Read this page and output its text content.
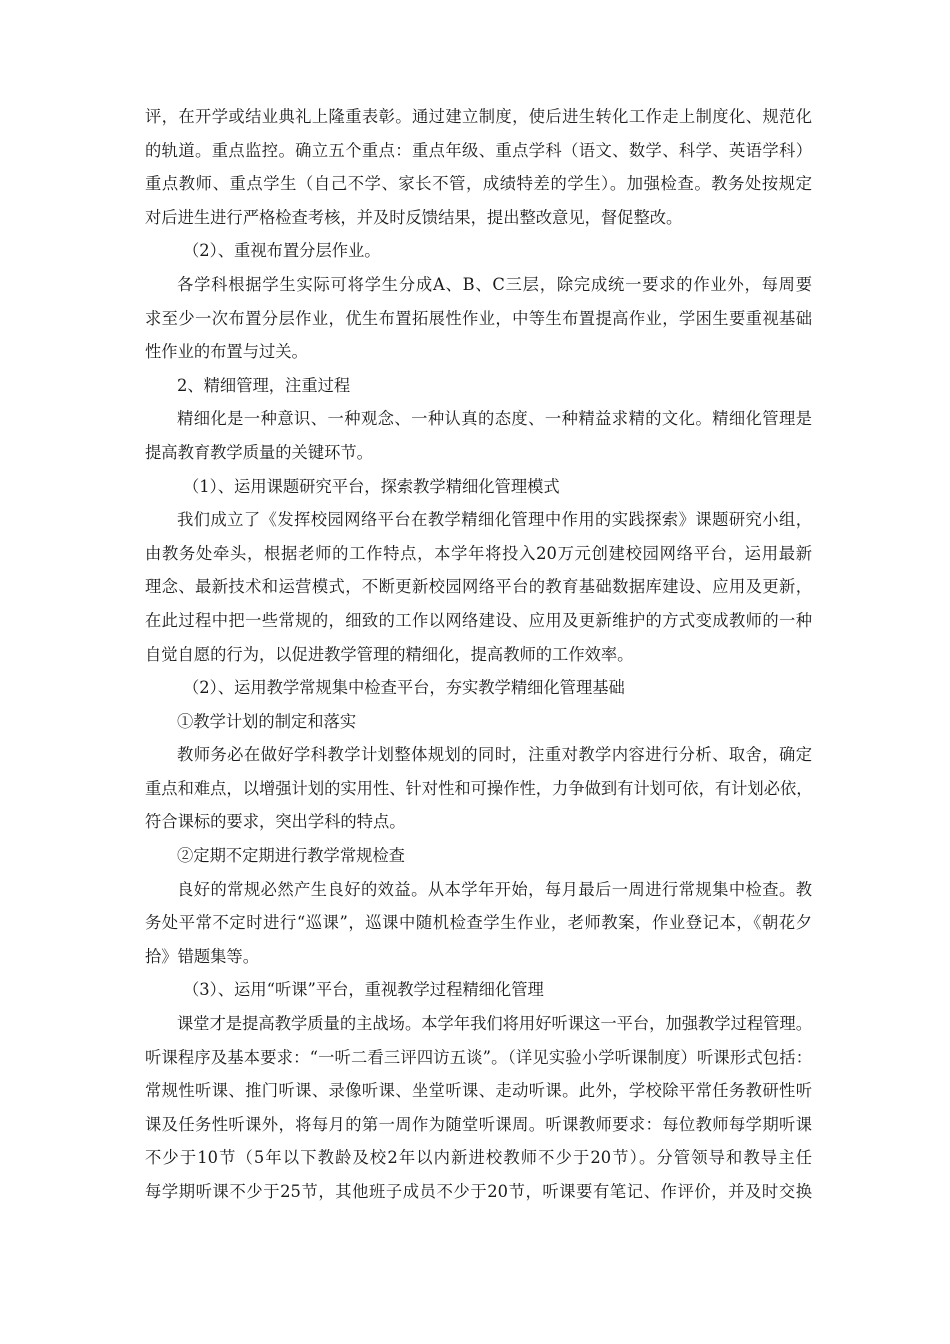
评，在开学或结业典礼上隆重表彰。通过建立制度，使后进生转化工作走上制度化、规范化
的轨道。重点监控。确立五个重点：重点年级、重点学科（语文、数学、科学、英语学科）
重点教师、重点学生（自己不学、家长不管，成绩特差的学生）。加强检查。教务处按规定
对后进生进行严格检查考核，并及时反馈结果，提出整改意见，督促整改。
（2）、重视布置分层作业。
各学科根据学生实际可将学生分成A、B、C三层，除完成统一要求的作业外，每周要
求至少一次布置分层作业，优生布置拓展性作业，中等生布置提高作业，学困生要重视基础
性作业的布置与过关。
2、精细管理，注重过程
精细化是一种意识、一种观念、一种认真的态度、一种精益求精的文化。精细化管理是
提高教育教学质量的关键环节。
（1）、运用课题研究平台，探索教学精细化管理模式
我们成立了《发挥校园网络平台在教学精细化管理中作用的实践探索》课题研究小组，
由教务处牵头，根据老师的工作特点，本学年将投入20万元创建校园网络平台，运用最新
理念、最新技术和运营模式，不断更新校园网络平台的教育基础数据库建设、应用及更新，
在此过程中把一些常规的，细致的工作以网络建设、应用及更新维护的方式变成教师的一种
自觉自愿的行为，以促进教学管理的精细化，提高教师的工作效率。
（2）、运用教学常规集中检查平台，夯实教学精细化管理基础
①教学计划的制定和落实
教师务必在做好学科教学计划整体规划的同时，注重对教学内容进行分析、取舍，确定
重点和难点，以增强计划的实用性、针对性和可操作性，力争做到有计划可依，有计划必依，
符合课标的要求，突出学科的特点。
②定期不定期进行教学常规检查
良好的常规必然产生良好的效益。从本学年开始，每月最后一周进行常规集中检查。教
务处平常不定时进行“巡课”，巡课中随机检查学生作业，老师教案，作业登记本，《朝花夕
拾》错题集等。
（3）、运用“听课”平台，重视教学过程精细化管理
课堂才是提高教学质量的主战场。本学年我们将用好听课这一平台，加强教学过程管理。
听课程序及基本要求：“一听二看三评四访五谈”。（详见实验小学听课制度）听课形式包括：
常规性听课、推门听课、录像听课、坐堂听课、走动听课。此外，学校除平常任务教研性听
课及任务性听课外，将每月的第一周作为随堂听课周。听课教师要求：每位教师每学期听课
不少于10节（5年以下教龄及校2年以内新进校教师不少于20节）。分管领导和教导主任
每学期听课不少于25节，其他班子成员不少于20节，听课要有笔记、作评价，并及时交换
